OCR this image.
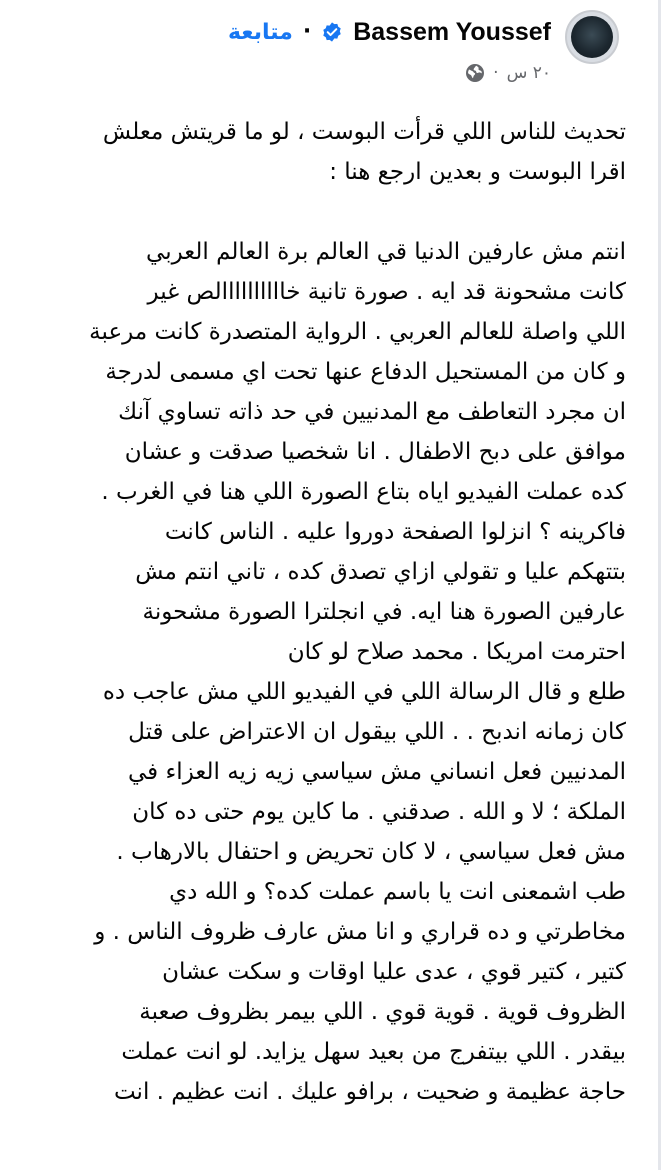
Bassem Youssef
·
متابعة
٢٠ س
·

تحديث للناس اللي قرأت البوست ، لو ما قريتش معلش
اقرا البوست و بعدين ارجع هنا :

انتم مش عارفين الدنيا قي العالم برة العالم العربي
كانت مشحونة قد ايه . صورة تانية خاااااااااالص غير
اللي واصلة للعالم العربي . الرواية المتصدرة كانت مرعبة
و كان من المستحيل الدفاع عنها تحت اي مسمى لدرجة
ان مجرد التعاطف مع المدنيين في حد ذاته تساوي آنك
موافق على دبح الاطفال . انا شخصيا صدقت و عشان
كده عملت الفيديو اياه بتاع الصورة اللي هنا في الغرب .
فاكرينه ؟ انزلوا الصفحة دوروا عليه . الناس كانت
بتتهكم عليا و تقولي ازاي تصدق كده ، تاني انتم مش
عارفين الصورة هنا ايه. في انجلترا الصورة مشحونة
احترمت امريكا . محمد صلاح لو كان
طلع و قال الرسالة اللي في الفيديو اللي مش عاجب ده
كان زمانه اندبح . . اللي بيقول ان الاعتراض على قتل
المدنيين فعل انساني مش سياسي زيه زيه العزاء في
الملكة ؛ لا و الله . صدقني . ما كاين يوم حتى ده كان
مش فعل سياسي ، لا كان تحريض و احتفال بالارهاب .
طب اشمعنى انت يا باسم عملت كده؟ و الله دي
مخاطرتي و ده قراري و انا مش عارف ظروف الناس . و
كتير ، كتير قوي ، عدى عليا اوقات و سكت عشان
الظروف قوية . قوية قوي . اللي بيمر بظروف صعبة
بيقدر . اللي بيتفرج من بعيد سهل يزايد. لو انت عملت
حاجة عظيمة و ضحيت ، برافو عليك . انت عظيم . انت
